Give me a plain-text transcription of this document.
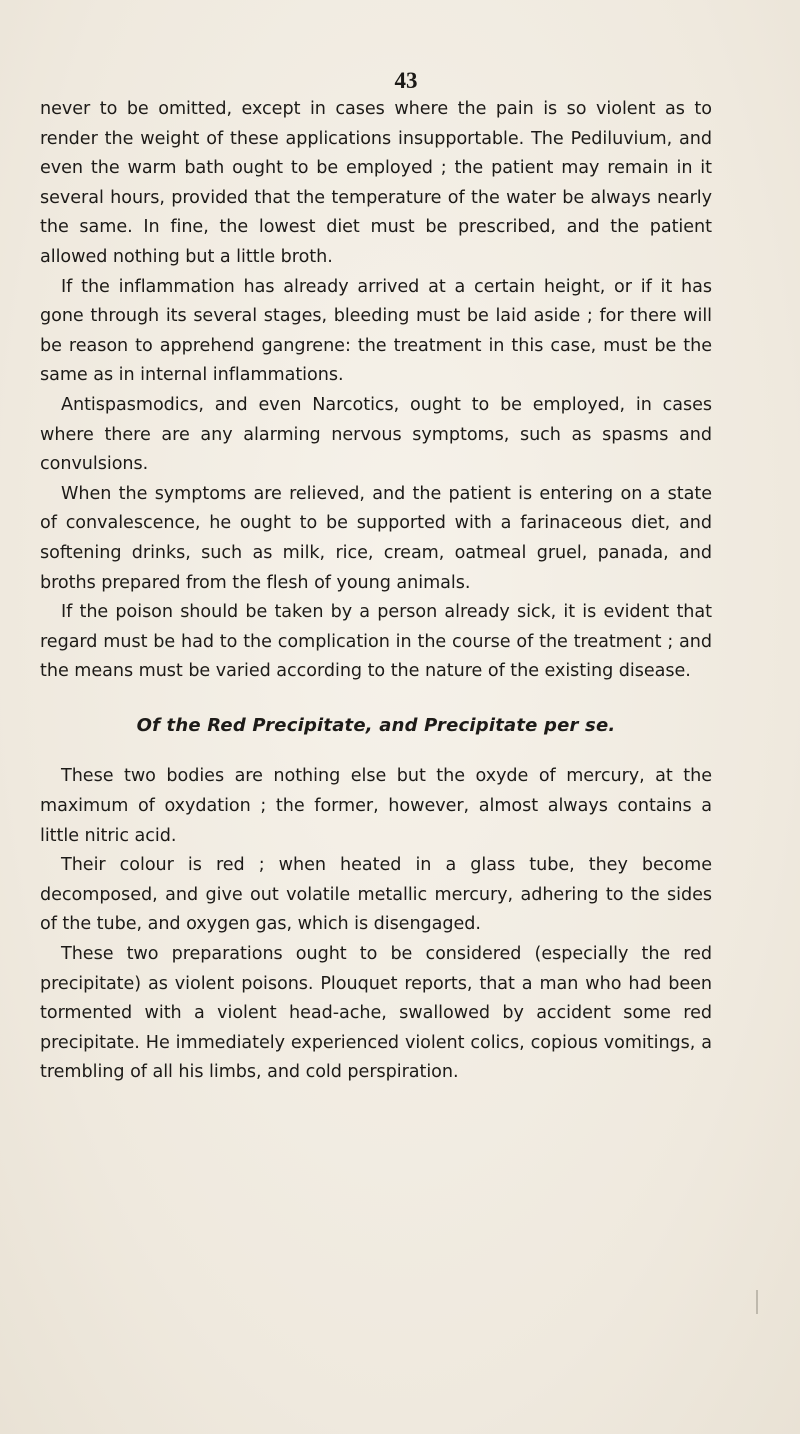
43

never to be omitted, except in cases where the pain is so violent as to render the weight of these applications insupportable. The Pediluvium, and even the warm bath ought to be employed ; the patient may remain in it several hours, provided that the temperature of the water be always nearly the same. In fine, the lowest diet must be prescribed, and the patient allowed nothing but a little broth.

If the inflammation has already arrived at a certain height, or if it has gone through its several stages, bleeding must be laid aside ; for there will be reason to apprehend gangrene: the treatment in this case, must be the same as in internal inflammations.

Antispasmodics, and even Narcotics, ought to be employed, in cases where there are any alarming nervous symptoms, such as spasms and convulsions.

When the symptoms are relieved, and the patient is entering on a state of convalescence, he ought to be supported with a farinaceous diet, and softening drinks, such as milk, rice, cream, oatmeal gruel, panada, and broths prepared from the flesh of young animals.

If the poison should be taken by a person already sick, it is evident that regard must be had to the complication in the course of the treatment ; and the means must be varied according to the nature of the existing disease.

Of the Red Precipitate, and Precipitate per se.

These two bodies are nothing else but the oxyde of mercury, at the maximum of oxydation ; the former, however, almost always contains a little nitric acid.

Their colour is red ; when heated in a glass tube, they become decomposed, and give out volatile metallic mercury, adhering to the sides of the tube, and oxygen gas, which is disengaged.

These two preparations ought to be considered (especially the red precipitate) as violent poisons. Plouquet reports, that a man who had been tormented with a violent head-ache, swallowed by accident some red precipitate. He immediately experienced violent colics, copious vomitings, a trembling of all his limbs, and cold perspiration.
